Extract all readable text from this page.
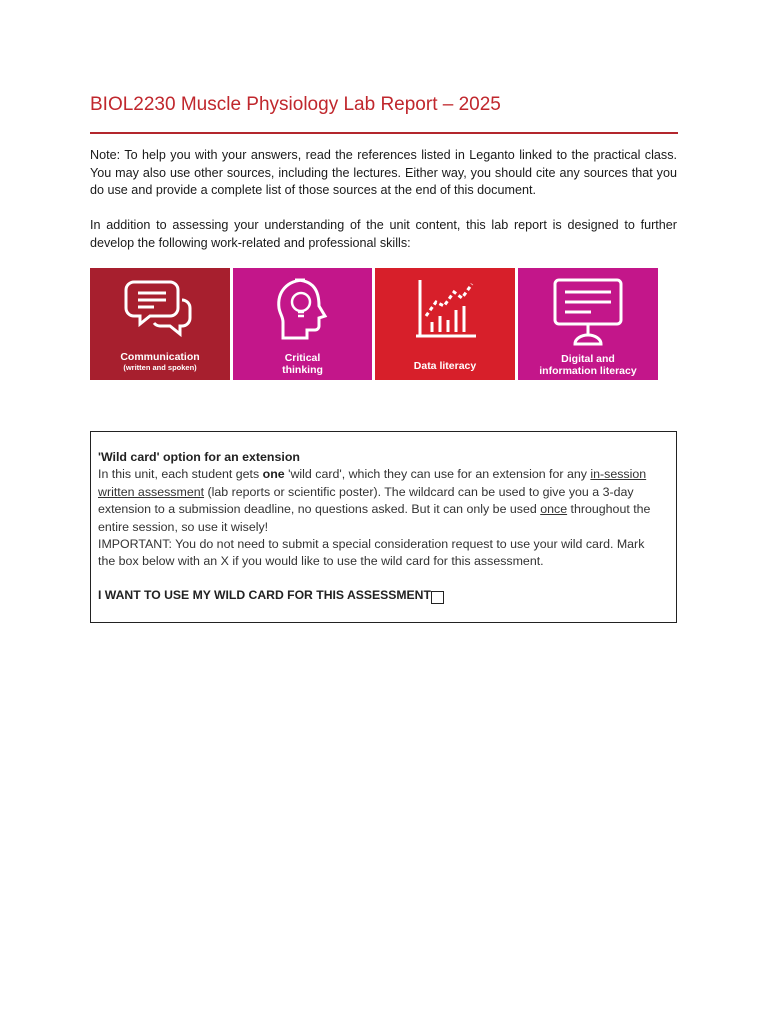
BIOL2230 Muscle Physiology Lab Report – 2025
Note: To help you with your answers, read the references listed in Leganto linked to the practical class. You may also use other sources, including the lectures. Either way, you should cite any sources that you do use and provide a complete list of those sources at the end of this document.
In addition to assessing your understanding of the unit content, this lab report is designed to further develop the following work-related and professional skills:
Communication
(written and spoken)
Critical
thinking	Data literacy
Digital and
information literacy
'Wild card' option for an extension
In this unit, each student gets one 'wild card', which they can use for an extension for any in-session written assessment (lab reports or scientific poster). The wildcard can be used to give you a 3-day extension to a submission deadline, no questions asked. But it can only be used once throughout the entire session, so use it wisely!
IMPORTANT: You do not need to submit a special consideration request to use your wild card. Mark the box below with an X if you would like to use the wild card for this assessment.
I WANT TO USE MY WILD CARD FOR THIS ASSESSMENT
